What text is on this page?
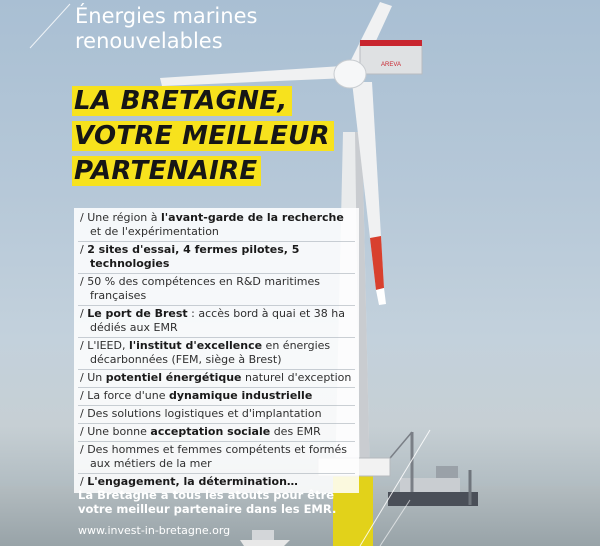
AREVA
Énergies marines
renouvelables
LA BRETAGNE,
VOTRE MEILLEUR
PARTENAIRE
/ Une région à l'avant-garde de la recherche et de l'expérimentation
/ 2 sites d'essai, 4 fermes pilotes, 5 technologies
/ 50 % des compétences en R&D maritimes françaises
/ Le port de Brest : accès bord à quai et 38 ha dédiés aux EMR
/ L'IEED, l'institut d'excellence en énergies décarbonnées (FEM, siège à Brest)
/ Un potentiel énergétique naturel d'exception
/ La force d'une dynamique industrielle
/ Des solutions logistiques et d'implantation
/ Une bonne acceptation sociale des EMR
/ Des hommes et femmes compétents et formés aux métiers de la mer
/ L'engagement, la détermination…
La Bretagne a tous les atouts pour être votre meilleur partenaire dans les EMR.
www.invest-in-bretagne.org
